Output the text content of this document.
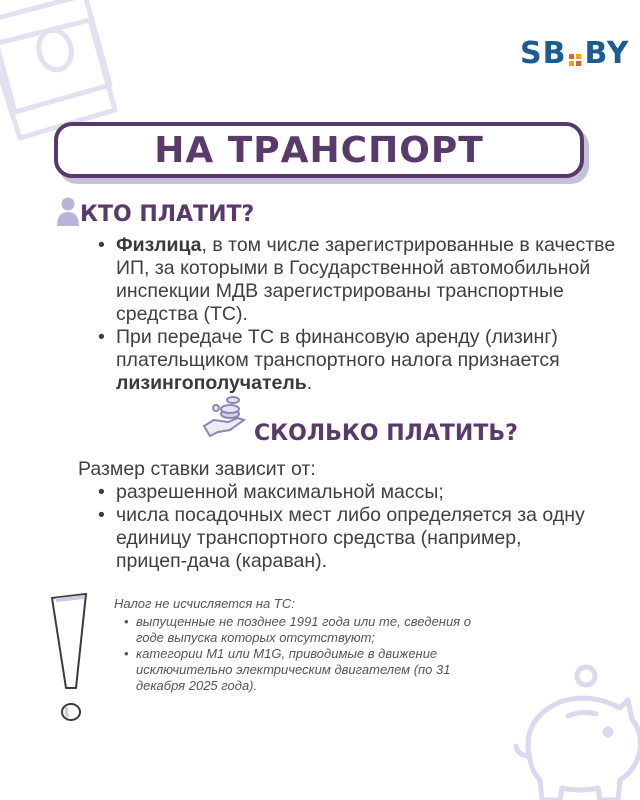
SB BY
НА ТРАНСПОРТ
КТО ПЛАТИТ?
• Физлица, в том числе зарегистрированные в качестве ИП, за которыми в Государственной автомобильной инспекции МДВ зарегистрированы транспортные средства (ТС).
• При передаче ТС в финансовую аренду (лизинг) плательщиком транспортного налога признается лизингополучатель.
СКОЛЬКО ПЛАТИТЬ?
Размер ставки зависит от:
• разрешенной максимальной массы;
• числа посадочных мест либо определяется за одну единицу транспортного средства (например, прицеп-дача (караван).
Налог не исчисляется на ТС:
• выпущенные не позднее 1991 года или те, сведения о годе выпуска которых отсутствуют;
• категории М1 или M1G, приводимые в движение исключительно электрическим двигателем (по 31 декабря 2025 года).
